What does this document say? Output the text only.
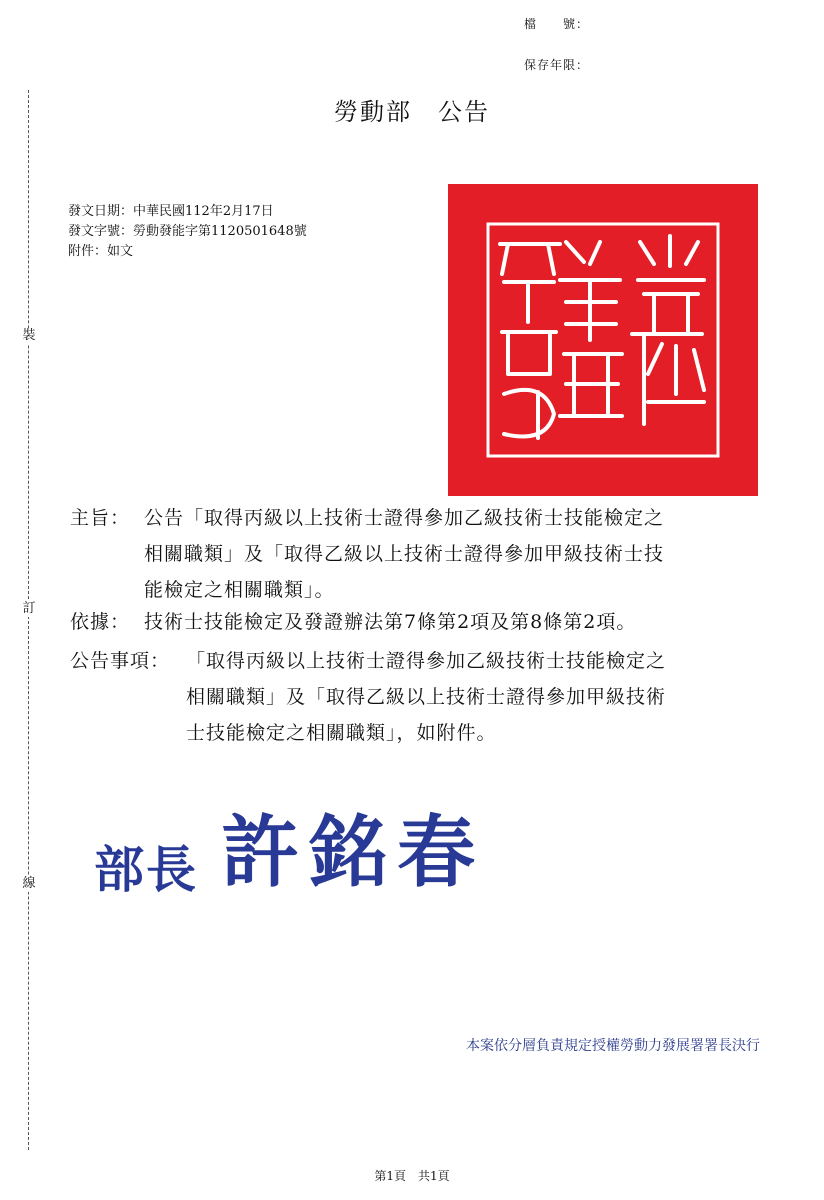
裝
訂
線
檔　　號：
保存年限：
勞動部　公告
發文日期：中華民國112年2月17日
發文字號：勞動發能字第1120501648號
附件：如文
主旨： 公告「取得丙級以上技術士證得參加乙級技術士技能檢定之
相關職類」及「取得乙級以上技術士證得參加甲級技術士技
能檢定之相關職類」。
依據： 技術士技能檢定及發證辦法第7條第2項及第8條第2項。
公告事項： 「取得丙級以上技術士證得參加乙級技術士技能檢定之
相關職類」及「取得乙級以上技術士證得參加甲級技術
士技能檢定之相關職類」，如附件。
部長 許銘春
本案依分層負責規定授權勞動力發展署署長決行
第1頁　共1頁
